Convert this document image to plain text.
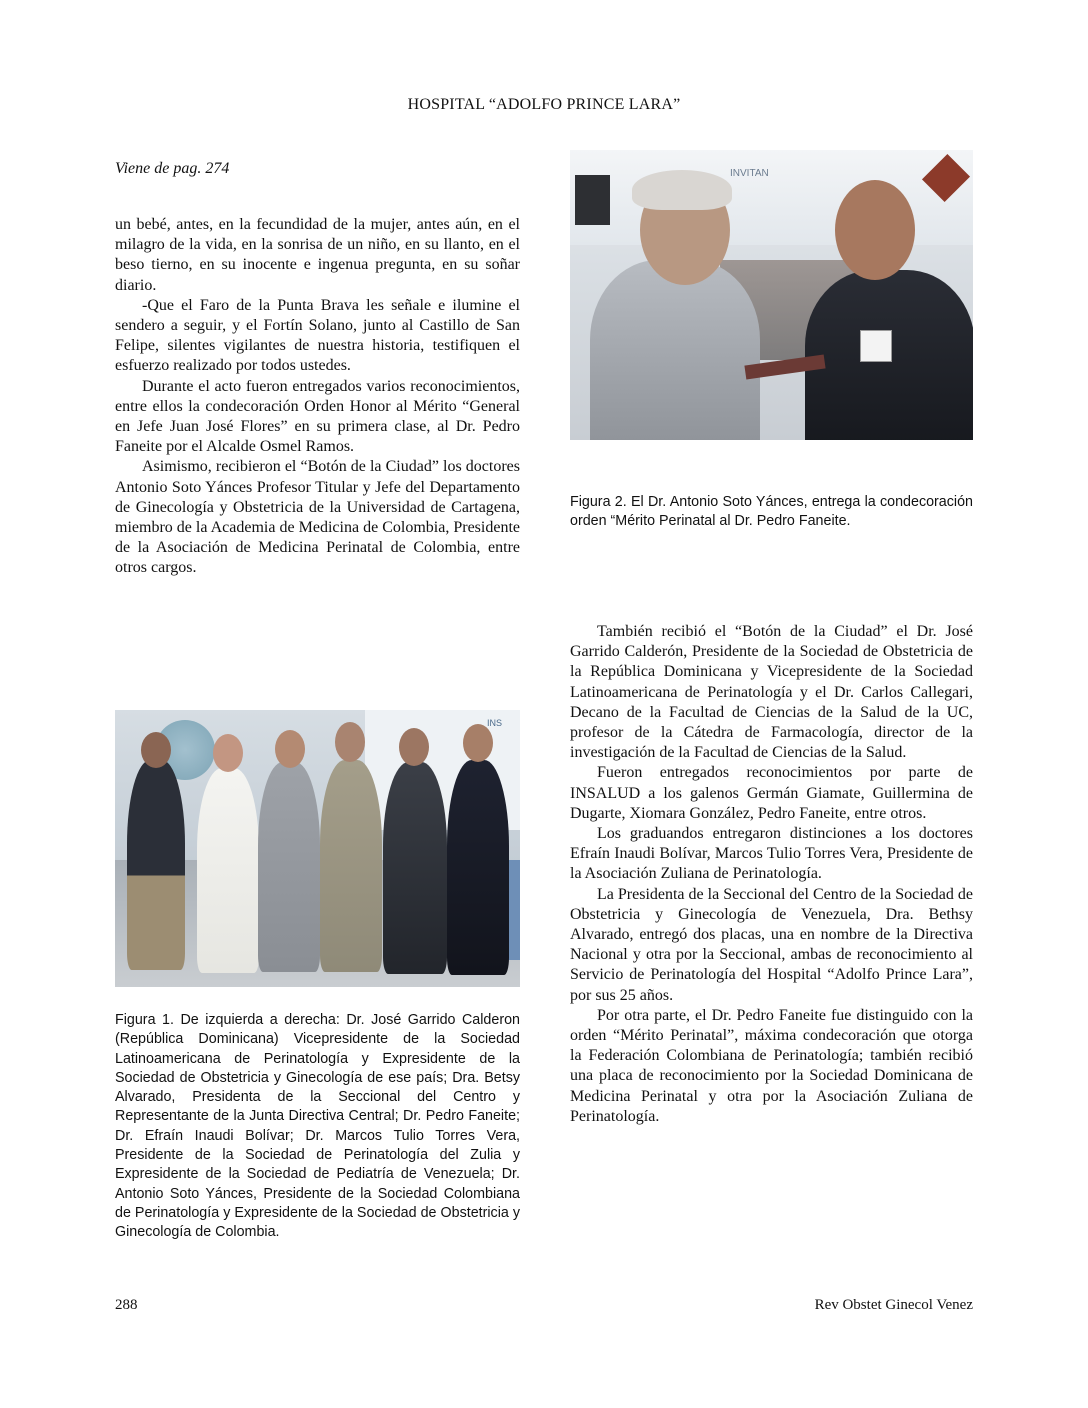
HOSPITAL “ADOLFO PRINCE LARA”
Viene de pag. 274

un bebé, antes, en la fecundidad de la mujer, antes aún, en el milagro de la vida, en la sonrisa de un niño, en su llanto, en el beso tierno, en su inocente e ingenua pregunta, en su soñar diario.

-Que el Faro de la Punta Brava les señale e ilumine el sendero a seguir, y el Fortín Solano, junto al Castillo de San Felipe, silentes vigilantes de nuestra historia, testifiquen el esfuerzo realizado por todos ustedes.

Durante el acto fueron entregados varios reconocimientos, entre ellos la condecoración Orden Honor al Mérito “General en Jefe Juan José Flores” en su primera clase, al Dr. Pedro Faneite por el Alcalde Osmel Ramos.

Asimismo, recibieron el “Botón de la Ciudad” los doctores Antonio Soto Yánces Profesor Titular y Jefe del Departamento de Ginecología y Obstetricia de la Universidad de Cartagena, miembro de la Academia de Medicina de Colombia, Presidente de la Asociación de Medicina Perinatal de Colombia, entre otros cargos.

INVITAN

Figura 2. El Dr. Antonio Soto Yánces, entrega la condecoración orden “Mérito Perinatal al Dr. Pedro Faneite.

INS

Figura 1. De izquierda a derecha: Dr. José Garrido Calderon (República Dominicana) Vicepresidente de la Sociedad Latinoamericana de Perinatología y Expresidente de la Sociedad de Obstetricia y Ginecología de ese país; Dra. Betsy Alvarado, Presidenta de la Seccional del Centro y Representante de la Junta Directiva Central; Dr. Pedro Faneite; Dr. Efraín Inaudi Bolívar; Dr. Marcos Tulio Torres Vera, Presidente de la Sociedad de Perinatología del Zulia y Expresidente de la Sociedad de Pediatría de Venezuela; Dr. Antonio Soto Yánces, Presidente de la Sociedad Colombiana de Perinatología y Expresidente de la Sociedad de Obstetricia y Ginecología de Colombia.

También recibió el “Botón de la Ciudad” el Dr. José Garrido Calderón, Presidente de la Sociedad de Obstetricia de la República Dominicana y Vicepresidente de la Sociedad Latinoamericana de Perinatología y el Dr. Carlos Callegari, Decano de la Facultad de Ciencias de la Salud de la UC, profesor de la Cátedra de Farmacología, director de la investigación de la Facultad de Ciencias de la Salud.

Fueron entregados reconocimientos por parte de INSALUD a los galenos Germán Giamate, Guillermina de Dugarte, Xiomara González, Pedro Faneite, entre otros.

Los graduandos entregaron distinciones a los doctores Efraín Inaudi Bolívar, Marcos Tulio Torres Vera, Presidente de la Asociación Zuliana de Perinatología.

La Presidenta de la Seccional del Centro de la Sociedad de Obstetricia y Ginecología de Venezuela, Dra. Bethsy Alvarado, entregó dos placas, una en nombre de la Directiva Nacional y otra por la Seccional, ambas de reconocimiento al Servicio de Perinatología del Hospital “Adolfo Prince Lara”, por sus 25 años.

Por otra parte, el Dr. Pedro Faneite fue distinguido con la orden “Mérito Perinatal”, máxima condecoración que otorga la Federación Colombiana de Perinatología; también recibió una placa de reconocimiento por la Sociedad Dominicana de Medicina Perinatal y otra por la Asociación Zuliana de Perinatología.

288	Rev Obstet Ginecol Venez
